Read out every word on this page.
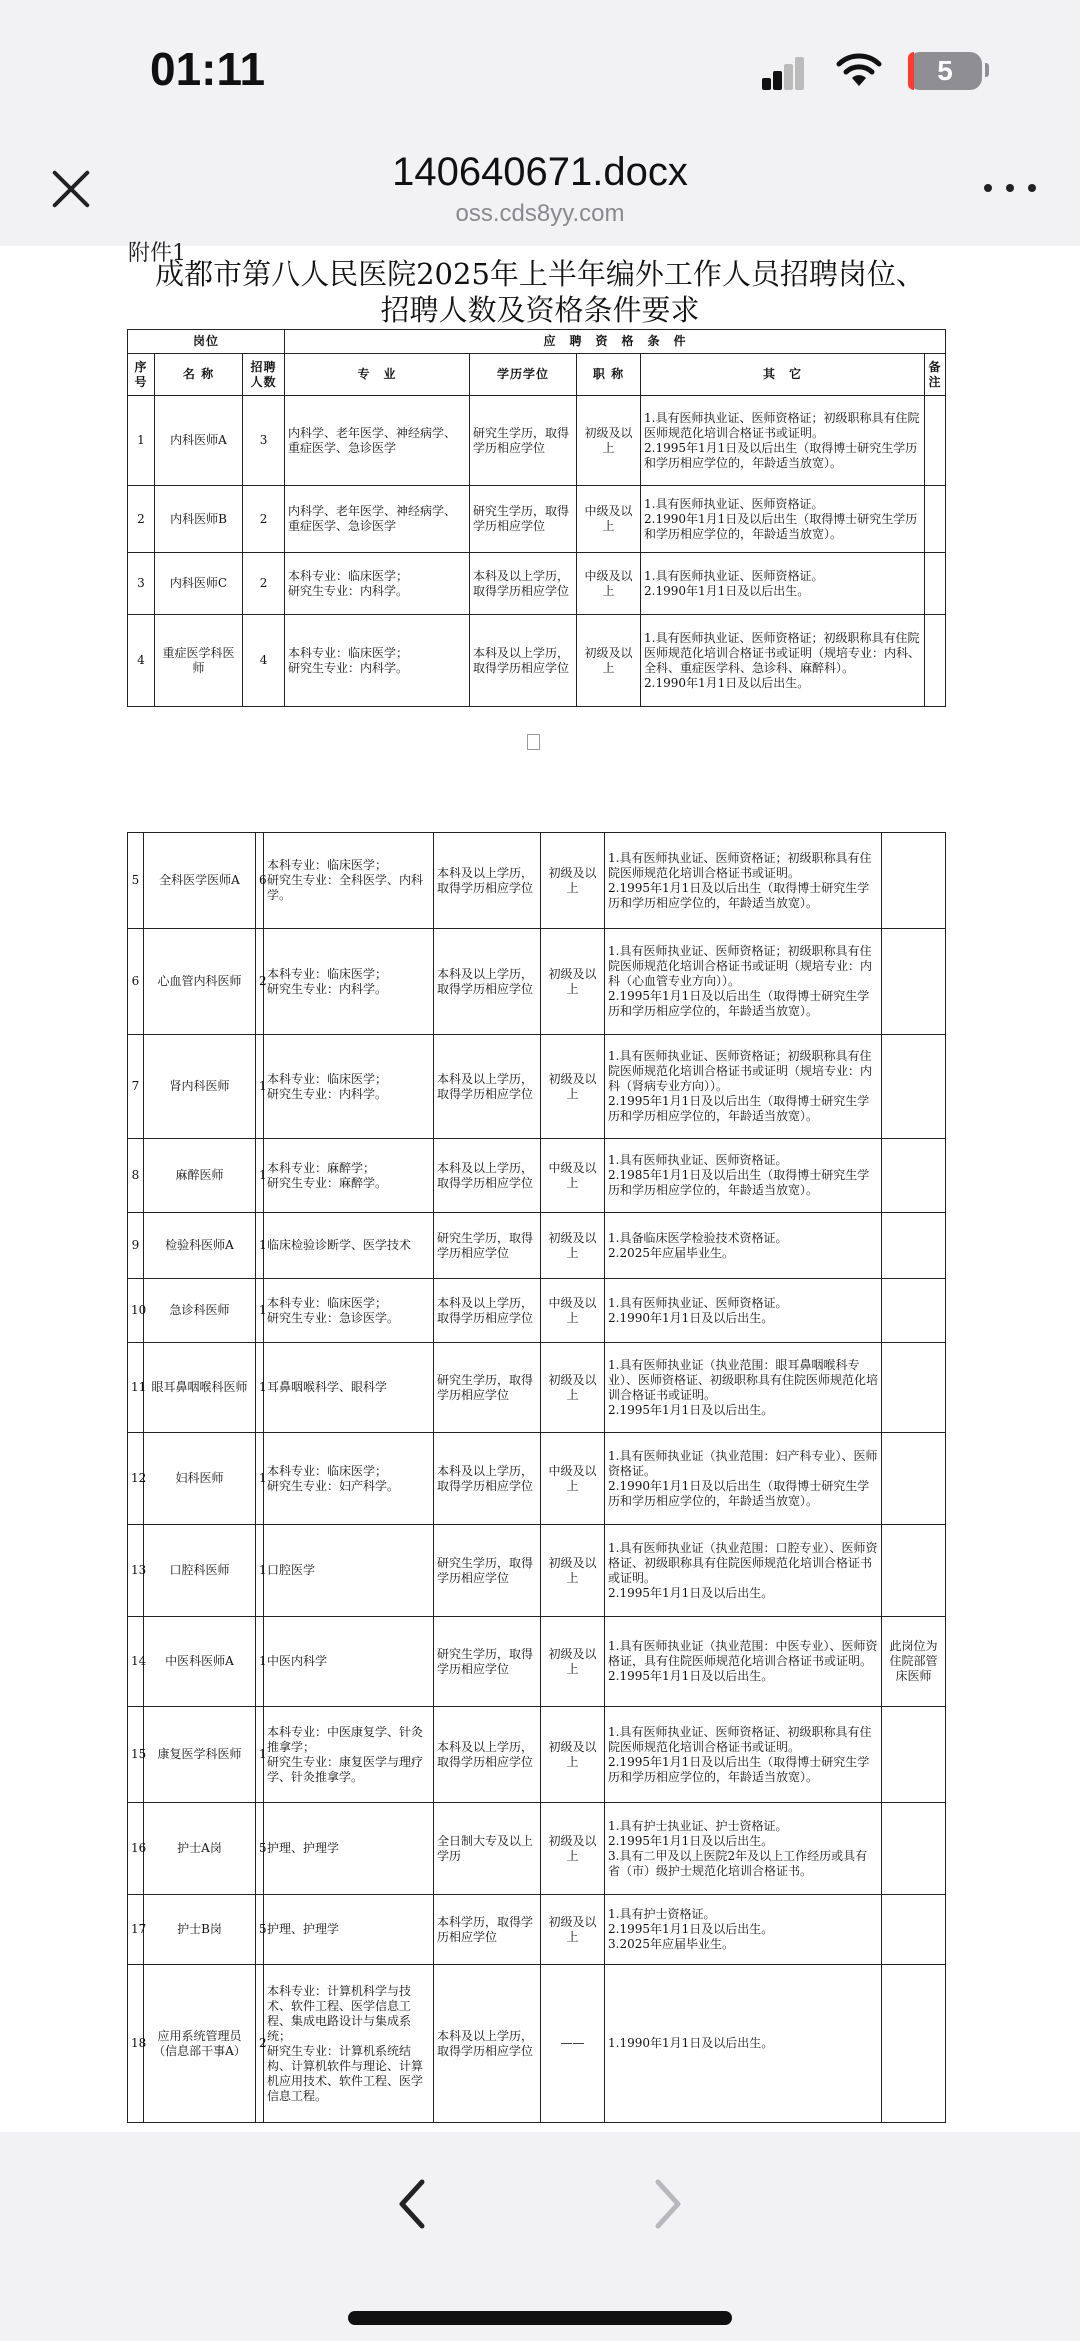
01:11	5
140640671.docx
oss.cds8yy.com
附件1
成都市第八人民医院2025年上半年编外工作人员招聘岗位、
招聘人数及资格条件要求
岗位			应　聘　资　格　条　件				
序号	名 称	招聘人数	专　业	学历学位	职 称	其　它	备注
1	内科医师A	3	内科学、老年医学、神经病学、重症医学、急诊医学	研究生学历，取得学历相应学位	初级及以上	1.具有医师执业证、医师资格证；初级职称具有住院医师规范化培训合格证书或证明。
2.1995年1月1日及以后出生（取得博士研究生学历和学历相应学位的，年龄适当放宽）。	
2	内科医师B	2	内科学、老年医学、神经病学、重症医学、急诊医学	研究生学历，取得学历相应学位	中级及以上	1.具有医师执业证、医师资格证。
2.1990年1月1日及以后出生（取得博士研究生学历和学历相应学位的，年龄适当放宽）。	
3	内科医师C	2	本科专业：临床医学；
研究生专业：内科学。	本科及以上学历，取得学历相应学位	中级及以上	1.具有医师执业证、医师资格证。
2.1990年1月1日及以后出生。	
4	重症医学科医师	4	本科专业：临床医学；
研究生专业：内科学。	本科及以上学历，取得学历相应学位	初级及以上	1.具有医师执业证、医师资格证；初级职称具有住院医师规范化培训合格证书或证明（规培专业：内科、全科、重症医学科、急诊科、麻醉科）。
2.1990年1月1日及以后出生。	
5	全科医学医师A	6	本科专业：临床医学；
研究生专业：全科医学、内科学。	本科及以上学历，取得学历相应学位	初级及以上	1.具有医师执业证、医师资格证；初级职称具有住院医师规范化培训合格证书或证明。
2.1995年1月1日及以后出生（取得博士研究生学历和学历相应学位的，年龄适当放宽）。	
6	心血管内科医师	2	本科专业：临床医学；
研究生专业：内科学。	本科及以上学历，取得学历相应学位	初级及以上	1.具有医师执业证、医师资格证；初级职称具有住院医师规范化培训合格证书或证明（规培专业：内科（心血管专业方向））。
2.1995年1月1日及以后出生（取得博士研究生学历和学历相应学位的，年龄适当放宽）。	
7	肾内科医师	1	本科专业：临床医学；
研究生专业：内科学。	本科及以上学历，取得学历相应学位	初级及以上	1.具有医师执业证、医师资格证；初级职称具有住院医师规范化培训合格证书或证明（规培专业：内科（肾病专业方向））。
2.1995年1月1日及以后出生（取得博士研究生学历和学历相应学位的，年龄适当放宽）。	
8	麻醉医师	1	本科专业：麻醉学；
研究生专业：麻醉学。	本科及以上学历，取得学历相应学位	中级及以上	1.具有医师执业证、医师资格证。
2.1985年1月1日及以后出生（取得博士研究生学历和学历相应学位的，年龄适当放宽）。	
9	检验科医师A	1	临床检验诊断学、医学技术	研究生学历，取得学历相应学位	初级及以上	1.具备临床医学检验技术资格证。
2.2025年应届毕业生。	
10	急诊科医师	1	本科专业：临床医学；
研究生专业：急诊医学。	本科及以上学历，取得学历相应学位	中级及以上	1.具有医师执业证、医师资格证。
2.1990年1月1日及以后出生。	
11	眼耳鼻咽喉科医师	1	耳鼻咽喉科学、眼科学	研究生学历，取得学历相应学位	初级及以上	1.具有医师执业证（执业范围：眼耳鼻咽喉科专业）、医师资格证、初级职称具有住院医师规范化培训合格证书或证明。
2.1995年1月1日及以后出生。	
12	妇科医师	1	本科专业：临床医学；
研究生专业：妇产科学。	本科及以上学历，取得学历相应学位	中级及以上	1.具有医师执业证（执业范围：妇产科专业）、医师资格证。
2.1990年1月1日及以后出生（取得博士研究生学历和学历相应学位的，年龄适当放宽）。	
13	口腔科医师	1	口腔医学	研究生学历，取得学历相应学位	初级及以上	1.具有医师执业证（执业范围：口腔专业）、医师资格证、初级职称具有住院医师规范化培训合格证书或证明。
2.1995年1月1日及以后出生。	
14	中医科医师A	1	中医内科学	研究生学历，取得学历相应学位	初级及以上	1.具有医师执业证（执业范围：中医专业）、医师资格证，具有住院医师规范化培训合格证书或证明。
2.1995年1月1日及以后出生。	此岗位为住院部管床医师
15	康复医学科医师	1	本科专业：中医康复学、针灸推拿学；
研究生专业：康复医学与理疗学、针灸推拿学。	本科及以上学历，取得学历相应学位	初级及以上	1.具有医师执业证、医师资格证、初级职称具有住院医师规范化培训合格证书或证明。
2.1995年1月1日及以后出生（取得博士研究生学历和学历相应学位的，年龄适当放宽）。	
16	护士A岗	5	护理、护理学	全日制大专及以上学历	初级及以上	1.具有护士执业证、护士资格证。
2.1995年1月1日及以后出生。
3.具有二甲及以上医院2年及以上工作经历或具有省（市）级护士规范化培训合格证书。	
17	护士B岗	5	护理、护理学	本科学历，取得学历相应学位	初级及以上	1.具有护士资格证。
2.1995年1月1日及以后出生。
3.2025年应届毕业生。	
18	应用系统管理员（信息部干事A）	2	本科专业：计算机科学与技术、软件工程、医学信息工程、集成电路设计与集成系统；
研究生专业：计算机系统结构、计算机软件与理论、计算机应用技术、软件工程、医学信息工程。	本科及以上学历，取得学历相应学位	——	1.1990年1月1日及以后出生。	
